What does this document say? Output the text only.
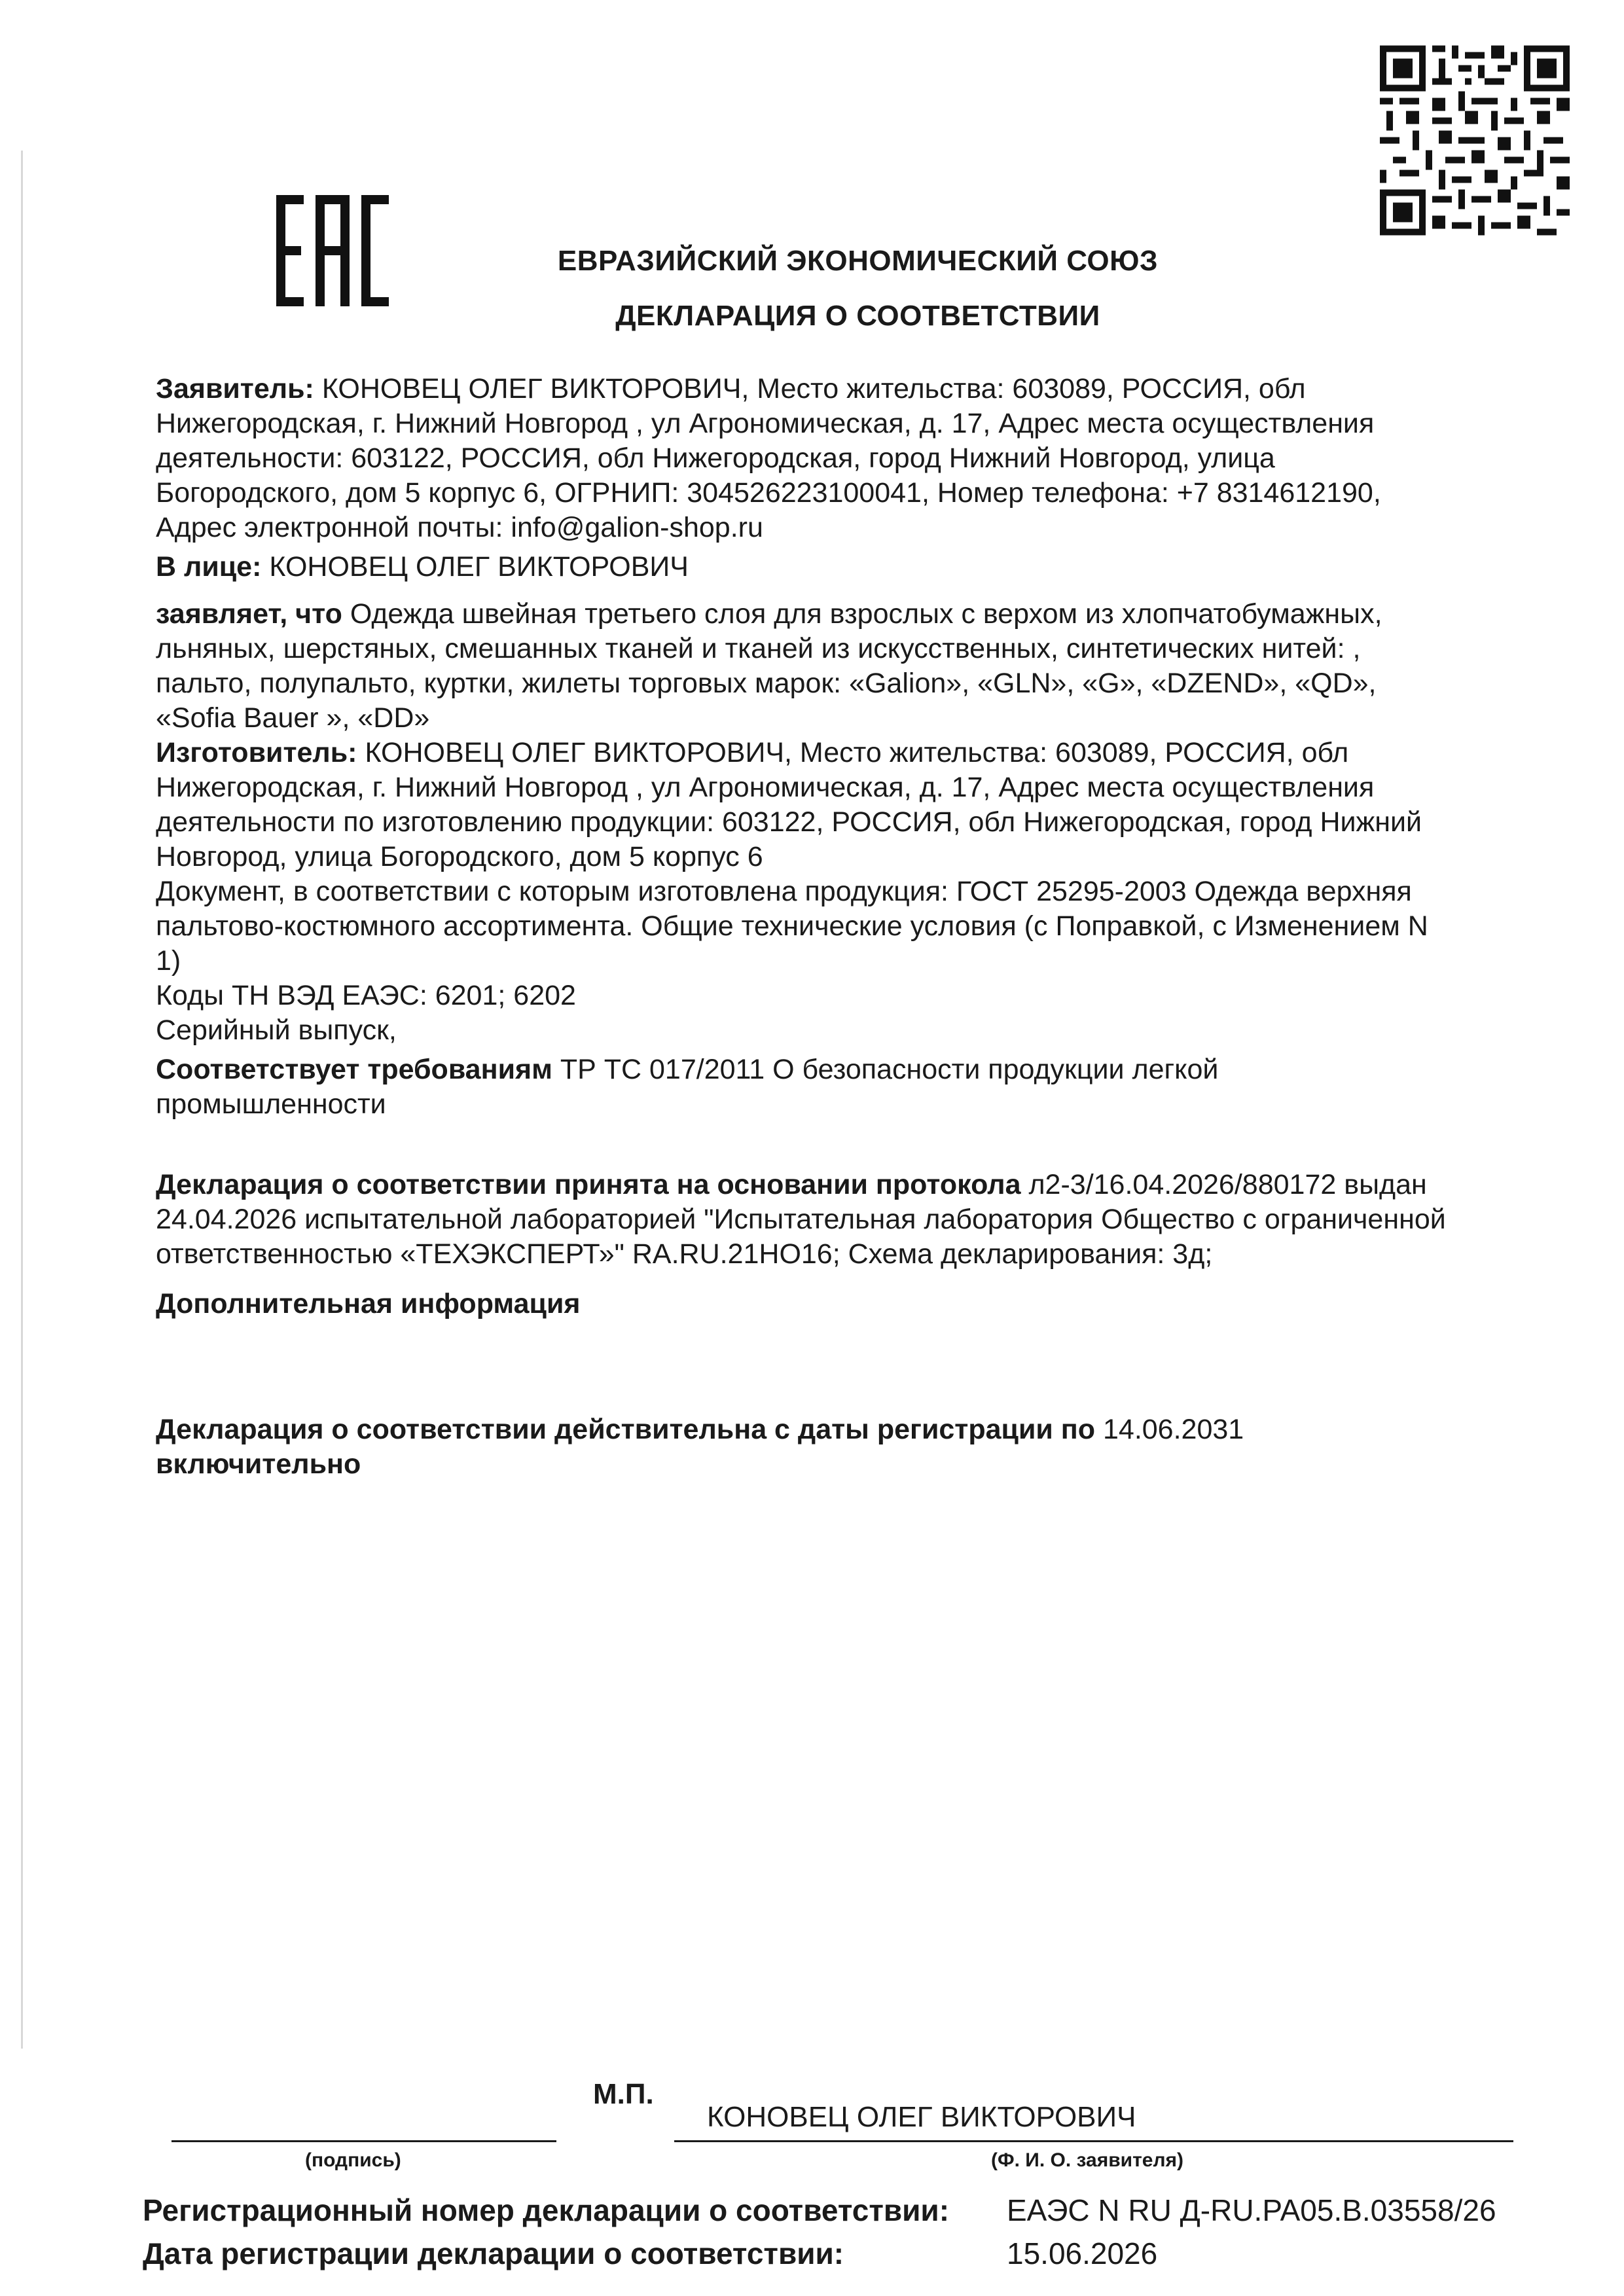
ЕВРАЗИЙСКИЙ ЭКОНОМИЧЕСКИЙ СОЮЗ
ДЕКЛАРАЦИЯ О СООТВЕТСТВИИ
Заявитель: КОНОВЕЦ ОЛЕГ ВИКТОРОВИЧ, Место жительства: 603089, РОССИЯ, обл
Нижегородская, г. Нижний Новгород , ул Агрономическая, д. 17, Адрес места осуществления
деятельности: 603122, РОССИЯ, обл Нижегородская, город Нижний Новгород, улица
Богородского, дом 5 корпус 6, ОГРНИП: 304526223100041, Номер телефона: +7 8314612190,
Адрес электронной почты: info@galion-shop.ru
В лице: КОНОВЕЦ ОЛЕГ ВИКТОРОВИЧ
заявляет, что Одежда швейная третьего слоя для взрослых с верхом из хлопчатобумажных,
льняных, шерстяных, смешанных тканей и тканей из искусственных, синтетических нитей: ,
пальто, полупальто, куртки, жилеты торговых марок: «Galion», «GLN», «G», «DZEND», «QD»,
«Sofia Bauer », «DD»
Изготовитель: КОНОВЕЦ ОЛЕГ ВИКТОРОВИЧ, Место жительства: 603089, РОССИЯ, обл
Нижегородская, г. Нижний Новгород , ул Агрономическая, д. 17, Адрес места осуществления
деятельности по изготовлению продукции: 603122, РОССИЯ, обл Нижегородская, город Нижний
Новгород, улица Богородского, дом 5 корпус 6
Документ, в соответствии с которым изготовлена продукция: ГОСТ 25295-2003 Одежда верхняя
пальтово-костюмного ассортимента. Общие технические условия (с Поправкой, с Изменением N
1)
Коды ТН ВЭД ЕАЭС: 6201; 6202
Серийный выпуск,
Соответствует требованиям ТР ТС 017/2011 О безопасности продукции легкой
промышленности
Декларация о соответствии принята на основании протокола л2-3/16.04.2026/880172 выдан
24.04.2026 испытательной лабораторией "Испытательная лаборатория Общество с ограниченной
ответственностью «ТЕХЭКСПЕРТ»" RA.RU.21НО16; Схема декларирования: 3д;
Дополнительная информация
Декларация о соответствии действительна с даты регистрации по 14.06.2031
включительно
М.П.
КОНОВЕЦ ОЛЕГ ВИКТОРОВИЧ
(подпись)	(Ф. И. О. заявителя)
Регистрационный номер декларации о соответствии: ЕАЭС N RU Д-RU.PA05.B.03558/26
Дата регистрации декларации о соответствии:	15.06.2026
